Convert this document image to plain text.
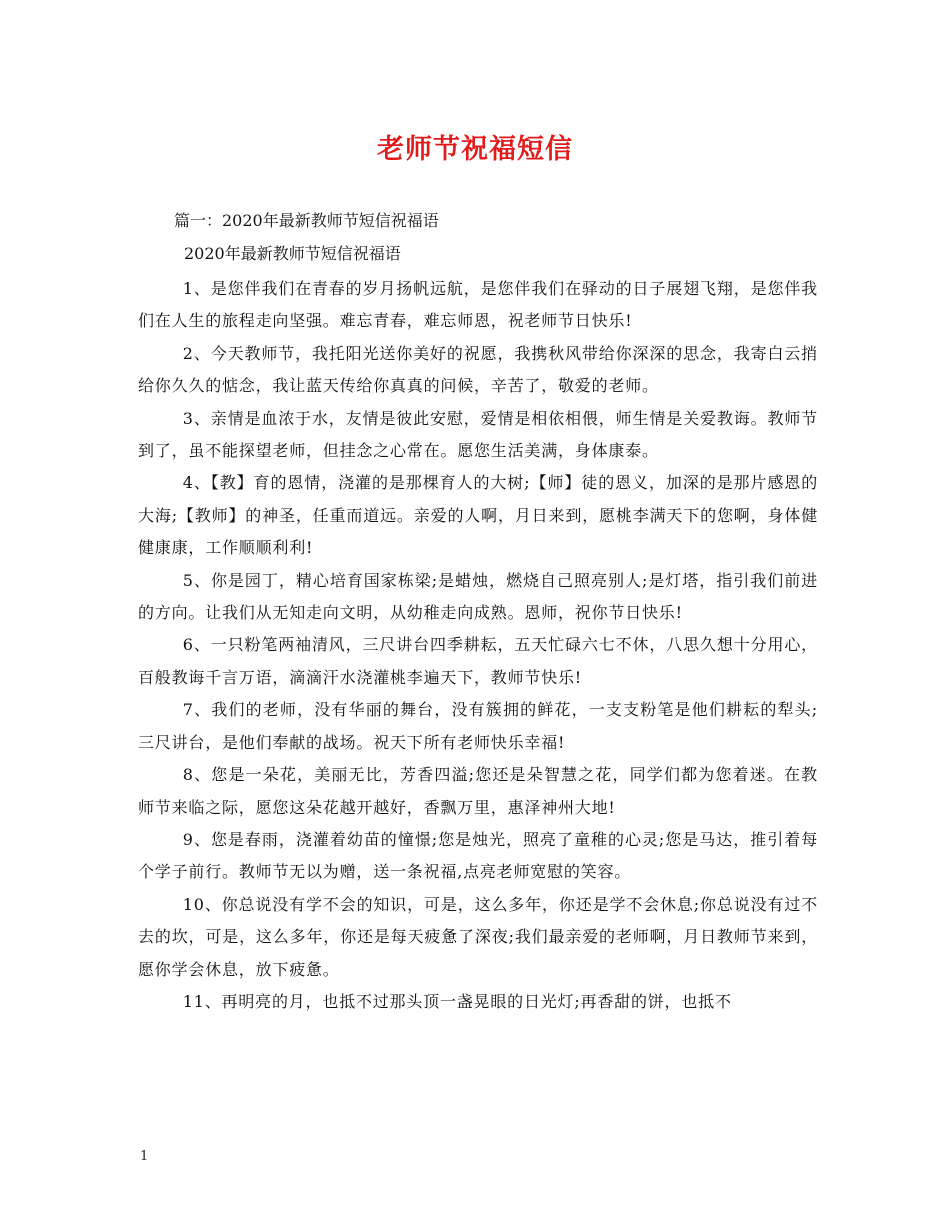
老师节祝福短信
篇一：2020年最新教师节短信祝福语
2020年最新教师节短信祝福语

1、是您伴我们在青春的岁月扬帆远航，是您伴我们在驿动的日子展翅飞翔，是您伴我们在人生的旅程走向坚强。难忘青春，难忘师恩，祝老师节日快乐!

2、今天教师节，我托阳光送你美好的祝愿，我携秋风带给你深深的思念，我寄白云捎给你久久的惦念，我让蓝天传给你真真的问候，辛苦了，敬爱的老师。

3、亲情是血浓于水，友情是彼此安慰，爱情是相依相偎，师生情是关爱教诲。教师节到了，虽不能探望老师，但挂念之心常在。愿您生活美满，身体康泰。

4、【教】育的恩情，浇灌的是那棵育人的大树;【师】徒的恩义，加深的是那片感恩的大海;【教师】的神圣，任重而道远。亲爱的人啊，月日来到，愿桃李满天下的您啊，身体健健康康，工作顺顺利利!

5、你是园丁，精心培育国家栋梁;是蜡烛，燃烧自己照亮别人;是灯塔，指引我们前进的方向。让我们从无知走向文明，从幼稚走向成熟。恩师，祝你节日快乐!

6、一只粉笔两袖清风，三尺讲台四季耕耘，五天忙碌六七不休，八思久想十分用心，百般教诲千言万语，滴滴汗水浇灌桃李遍天下，教师节快乐!

7、我们的老师，没有华丽的舞台，没有簇拥的鲜花，一支支粉笔是他们耕耘的犁头;三尺讲台，是他们奉献的战场。祝天下所有老师快乐幸福!

8、您是一朵花，美丽无比，芳香四溢;您还是朵智慧之花，同学们都为您着迷。在教师节来临之际，愿您这朵花越开越好，香飘万里，惠泽神州大地!

9、您是春雨，浇灌着幼苗的憧憬;您是烛光，照亮了童稚的心灵;您是马达，推引着每个学子前行。教师节无以为赠，送一条祝福,点亮老师宽慰的笑容。

10、你总说没有学不会的知识，可是，这么多年，你还是学不会休息;你总说没有过不去的坎，可是，这么多年，你还是每天疲惫了深夜;我们最亲爱的老师啊，月日教师节来到，愿你学会休息，放下疲惫。

11、再明亮的月，也抵不过那头顶一盏晃眼的日光灯;再香甜的饼，也抵不

1
